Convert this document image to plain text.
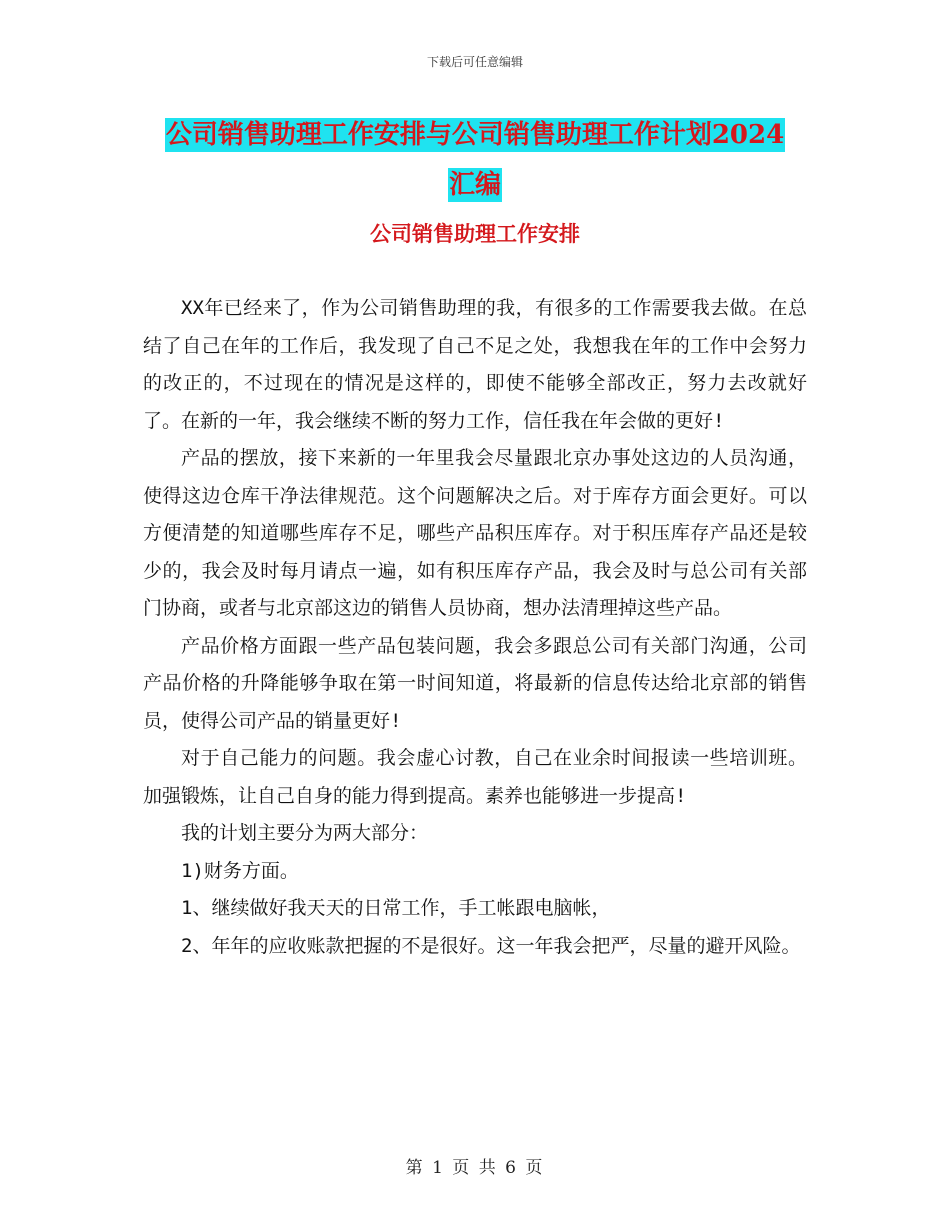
下载后可任意编辑
公司销售助理工作安排与公司销售助理工作计划2024
汇编
公司销售助理工作安排

XX年已经来了，作为公司销售助理的我，有很多的工作需要我去做。在总结了自己在年的工作后，我发现了自己不足之处，我想我在年的工作中会努力的改正的，不过现在的情况是这样的，即使不能够全部改正，努力去改就好了。在新的一年，我会继续不断的努力工作，信任我在年会做的更好!

产品的摆放，接下来新的一年里我会尽量跟北京办事处这边的人员沟通，使得这边仓库干净法律规范。这个问题解决之后。对于库存方面会更好。可以方便清楚的知道哪些库存不足，哪些产品积压库存。对于积压库存产品还是较少的，我会及时每月请点一遍，如有积压库存产品，我会及时与总公司有关部门协商，或者与北京部这边的销售人员协商，想办法清理掉这些产品。

产品价格方面跟一些产品包装问题，我会多跟总公司有关部门沟通，公司产品价格的升降能够争取在第一时间知道，将最新的信息传达给北京部的销售员，使得公司产品的销量更好!

对于自己能力的问题。我会虚心讨教，自己在业余时间报读一些培训班。加强锻炼，让自己自身的能力得到提高。素养也能够进一步提高!

我的计划主要分为两大部分：

1)财务方面。

1、继续做好我天天的日常工作，手工帐跟电脑帐，

2、年年的应收账款把握的不是很好。这一年我会把严，尽量的避开风险。

第 1 页 共 6 页
